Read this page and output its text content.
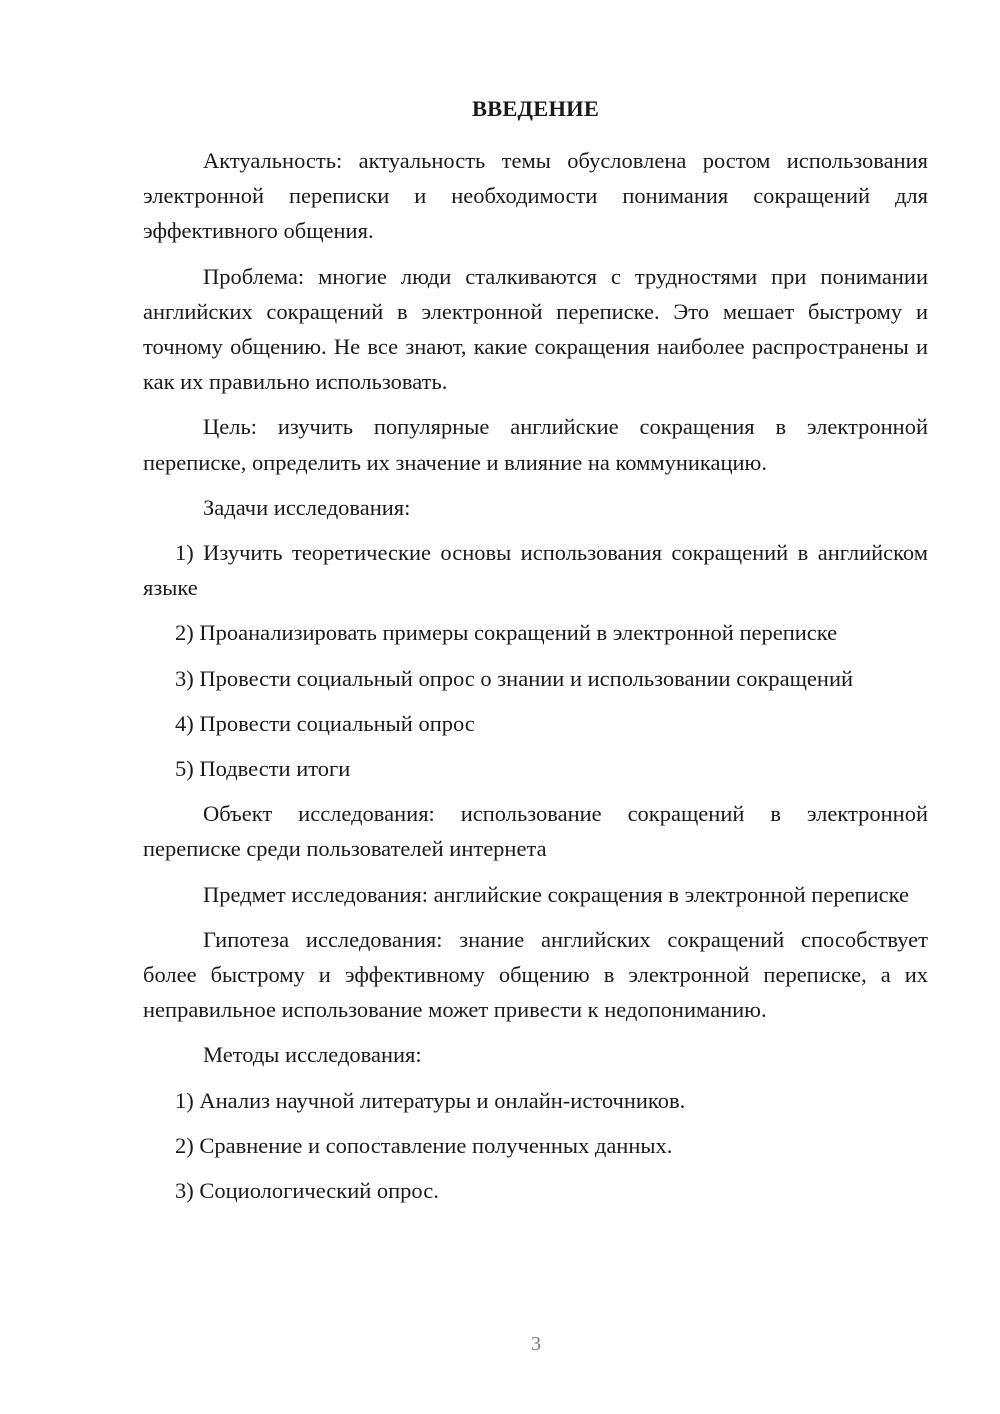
ВВЕДЕНИЕ
Актуальность: актуальность темы обусловлена ростом использования электронной переписки и необходимости понимания сокращений для эффективного общения.
Проблема: многие люди сталкиваются с трудностями при понимании английских сокращений в электронной переписке. Это мешает быстрому и точному общению. Не все знают, какие сокращения наиболее распространены и как их правильно использовать.
Цель: изучить популярные английские сокращения в электронной переписке, определить их значение и влияние на коммуникацию.
Задачи исследования:
1) Изучить теоретические основы использования сокращений в английском языке
2) Проанализировать примеры сокращений в электронной переписке
3) Провести социальный опрос о знании и использовании сокращений
4) Провести социальный опрос
5) Подвести итоги
Объект исследования: использование сокращений в электронной переписке среди пользователей интернета
Предмет исследования: английские сокращения в электронной переписке
Гипотеза исследования: знание английских сокращений способствует более быстрому и эффективному общению в электронной переписке, а их неправильное использование может привести к недопониманию.
Методы исследования:
1) Анализ научной литературы и онлайн-источников.
2) Сравнение и сопоставление полученных данных.
3) Социологический опрос.
3
